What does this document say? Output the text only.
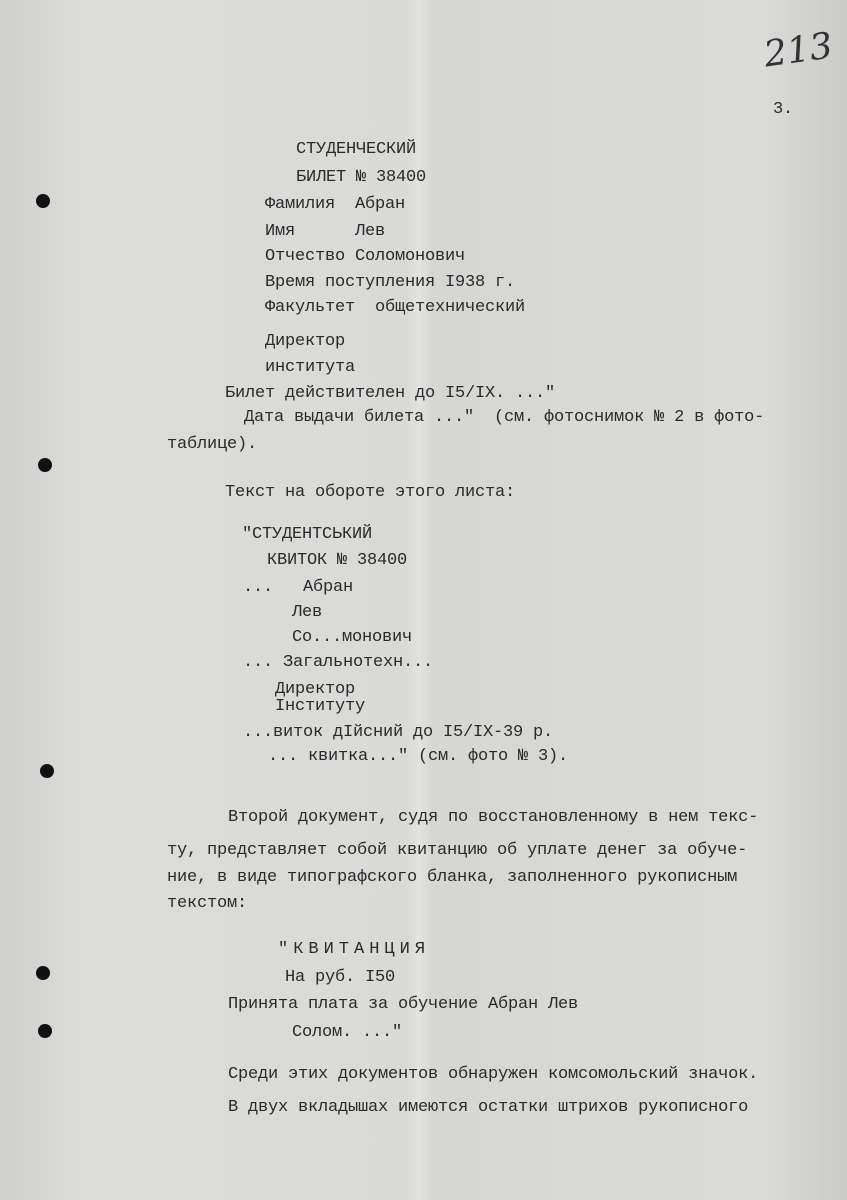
213
3.
СТУДЕНЧЕСКИЙ
БИЛЕТ № 38400
Фамилия  Абран
Имя      Лев
Отчество Соломонович
Время поступления I938 г.
Факультет  общетехнический
Директор
института
Билет действителен до I5/IX. ..."
Дата выдачи билета ..."  (см. фотоснимок № 2 в фото-
таблице).
Текст на обороте этого листа:
"СТУДЕНТСЬКИЙ
КВИТОК № 38400
...   Абран
Лев
Со...монович
... Загальнотехн...
Директор
Інституту
...виток дІйсний до I5/IX-39 р.
... квитка..." (см. фото № 3).
Второй документ, судя по восстановленному в нем текс-
ту, представляет собой квитанцию об уплате денег за обуче-
ние, в виде типографского бланка, заполненного рукописным
текстом:
"КВИТАНЦИЯ
На руб. I50
Принята плата за обучение Абран Лев
Солом. ..."
Среди этих документов обнаружен комсомольский значок.
В двух вкладышах имеются остатки штрихов рукописного
